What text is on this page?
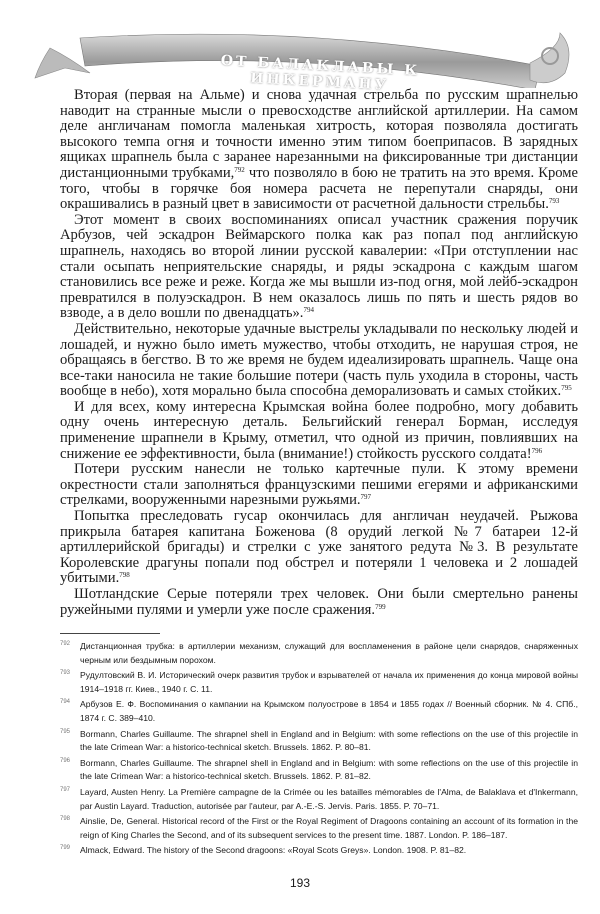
ОТ БАЛАКЛАВЫ К ИНКЕРМАНУ

Вторая (первая на Альме) и снова удачная стрельба по русским шрапнелью наводит на странные мысли о превосходстве английской артиллерии. На самом деле англичанам помогла маленькая хитрость, которая позволяла достигать высокого темпа огня и точности именно этим типом боеприпасов. В зарядных ящиках шрапнель была с заранее нарезанными на фиксированные три дистанции дистанционными трубками,$^{792}$ что позволяло в бою не тратить на это время. Кроме того, чтобы в горячке боя номера расчета не перепутали снаряды, они окрашивались в разный цвет в зависимости от расчетной дальности стрельбы.$^{793}$

Этот момент в своих воспоминаниях описал участник сражения поручик Арбузов, чей эскадрон Веймарского полка как раз попал под английскую шрапнель, находясь во второй линии русской кавалерии: «При отступлении нас стали осыпать неприятельские снаряды, и ряды эскадрона с каждым шагом становились все реже и реже. Когда же мы вышли из-под огня, мой лейб-эскадрон превратился в полуэскадрон. В нем оказалось лишь по пять и шесть рядов во взводе, а в дело вошли по двенадцать».$^{794}$

Действительно, некоторые удачные выстрелы укладывали по нескольку людей и лошадей, и нужно было иметь мужество, чтобы отходить, не нарушая строя, не обращаясь в бегство. В то же время не будем идеализировать шрапнель. Чаще она все-таки наносила не такие большие потери (часть пуль уходила в стороны, часть вообще в небо), хотя морально была способна деморализовать и самых стойких.$^{795}$

И для всех, кому интересна Крымская война более подробно, могу добавить одну очень интересную деталь. Бельгийский генерал Борман, исследуя применение шрапнели в Крыму, отметил, что одной из причин, повлиявших на снижение ее эффективности, была (внимание!) стойкость русского солдата!$^{796}$

Потери русским нанесли не только картечные пули. К этому времени окрестности стали заполняться французскими пешими егерями и африканскими стрелками, вооруженными нарезными ружьями.$^{797}$

Попытка преследовать гусар окончилась для англичан неудачей. Рыжова прикрыла батарея капитана Боженова (8 орудий легкой №7 батареи 12-й артиллерийской бригады) и стрелки с уже занятого редута №3. В результате Королевские драгуны попали под обстрел и потеряли 1 человека и 2 лошадей убитыми.$^{798}$

Шотландские Серые потеряли трех человек. Они были смертельно ранены ружейными пулями и умерли уже после сражения.$^{799}$

792 Дистанционная трубка: в артиллерии механизм, служащий для воспламенения в районе цели снарядов, снаряженных черным или бездымным порохом.
793 Рудултовский В. И. Исторический очерк развития трубок и взрывателей от начала их применения до конца мировой войны 1914–1918 гг. Киев., 1940 г. С. 11.
794 Арбузов Е. Ф. Воспоминания о кампании на Крымском полуострове в 1854 и 1855 годах // Военный сборник. № 4. СПб., 1874 г. С. 389–410.
795 Bormann, Charles Guillaume. The shrapnel shell in England and in Belgium: with some reflections on the use of this projectile in the late Crimean War: a historico-technical sketch. Brussels. 1862. P. 80–81.
796 Bormann, Charles Guillaume. The shrapnel shell in England and in Belgium: with some reflections on the use of this projectile in the late Crimean War: a historico-technical sketch. Brussels. 1862. P. 81–82.
797 Layard, Austen Henry. La Première campagne de la Crimée ou les batailles mémorables de l'Alma, de Balaklava et d'Inkermann, par Austin Layard. Traduction, autorisée par l'auteur, par A.-E.-S. Jervis. Paris. 1855. P. 70–71.
798 Ainslie, De, General. Historical record of the First or the Royal Regiment of Dragoons containing an account of its formation in the reign of King Charles the Second, and of its subsequent services to the present time. 1887. London. P. 186–187.
799 Almack, Edward. The history of the Second dragoons: «Royal Scots Greys». London. 1908. P. 81–82.
193
